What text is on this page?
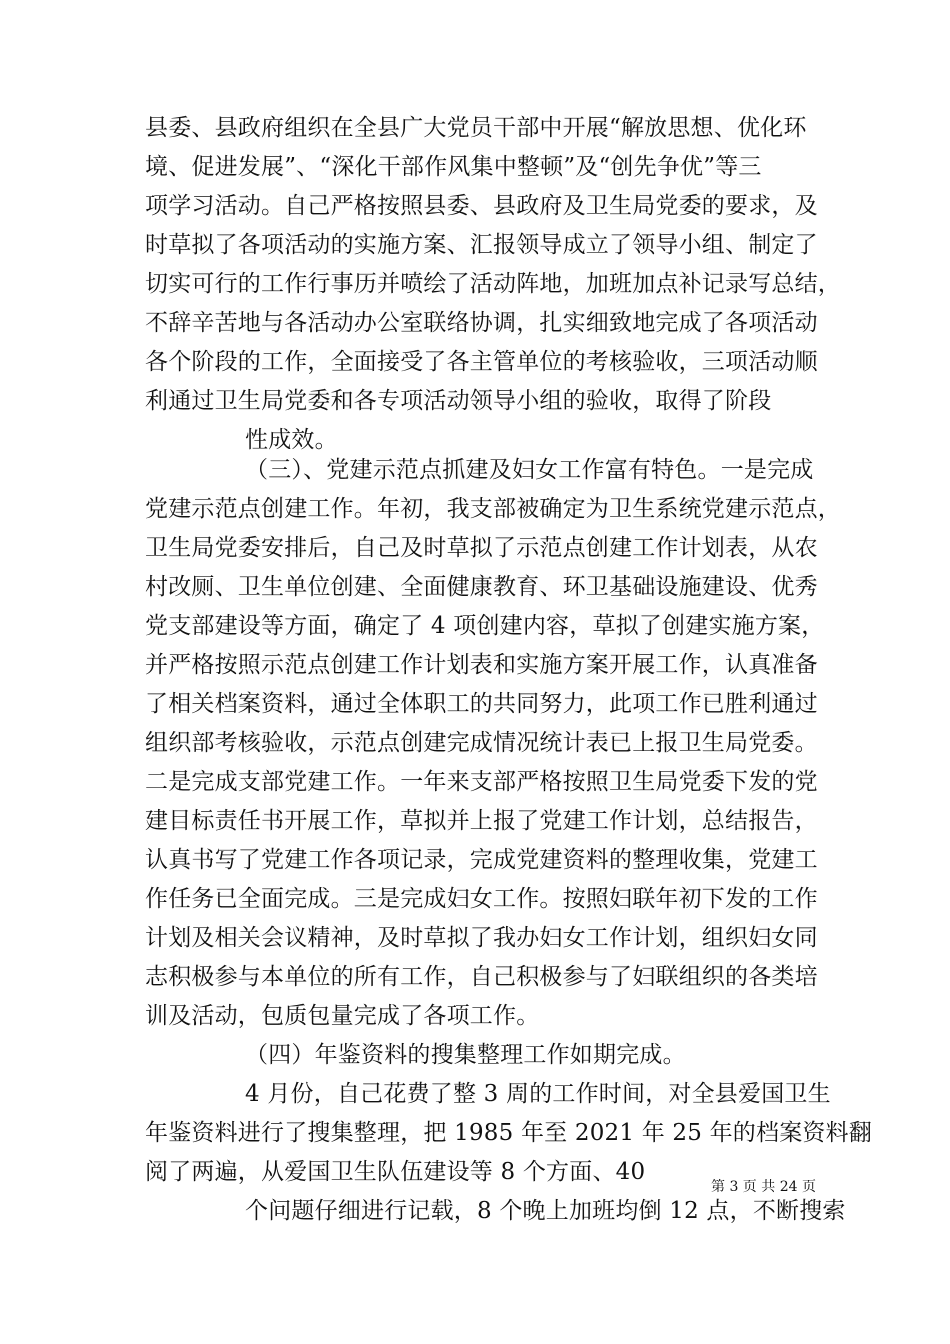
县委、县政府组织在全县广大党员干部中开展“解放思想、优化环
境、促进发展”、“深化干部作风集中整顿”及“创先争优”等三
项学习活动。自己严格按照县委、县政府及卫生局党委的要求，及
时草拟了各项活动的实施方案、汇报领导成立了领导小组、制定了
切实可行的工作行事历并喷绘了活动阵地，加班加点补记录写总结，
不辞辛苦地与各活动办公室联络协调，扎实细致地完成了各项活动
各个阶段的工作，全面接受了各主管单位的考核验收，三项活动顺
利通过卫生局党委和各专项活动领导小组的验收，取得了阶段
性成效。
（三）、党建示范点抓建及妇女工作富有特色。一是完成
党建示范点创建工作。年初，我支部被确定为卫生系统党建示范点，
卫生局党委安排后，自己及时草拟了示范点创建工作计划表，从农
村改厕、卫生单位创建、全面健康教育、环卫基础设施建设、优秀
党支部建设等方面，确定了 4 项创建内容，草拟了创建实施方案，
并严格按照示范点创建工作计划表和实施方案开展工作，认真准备
了相关档案资料，通过全体职工的共同努力，此项工作已胜利通过
组织部考核验收，示范点创建完成情况统计表已上报卫生局党委。
二是完成支部党建工作。一年来支部严格按照卫生局党委下发的党
建目标责任书开展工作，草拟并上报了党建工作计划，总结报告，
认真书写了党建工作各项记录，完成党建资料的整理收集，党建工
作任务已全面完成。三是完成妇女工作。按照妇联年初下发的工作
计划及相关会议精神，及时草拟了我办妇女工作计划，组织妇女同
志积极参与本单位的所有工作，自己积极参与了妇联组织的各类培
训及活动，包质包量完成了各项工作。
（四）年鉴资料的搜集整理工作如期完成。
4 月份，自己花费了整 3 周的工作时间，对全县爱国卫生
年鉴资料进行了搜集整理，把 1985 年至 2021 年 25 年的档案资料翻
阅了两遍，从爱国卫生队伍建设等 8 个方面、40
个问题仔细进行记载，8 个晚上加班均倒 12 点，不断搜索
第 3 页 共 24 页
